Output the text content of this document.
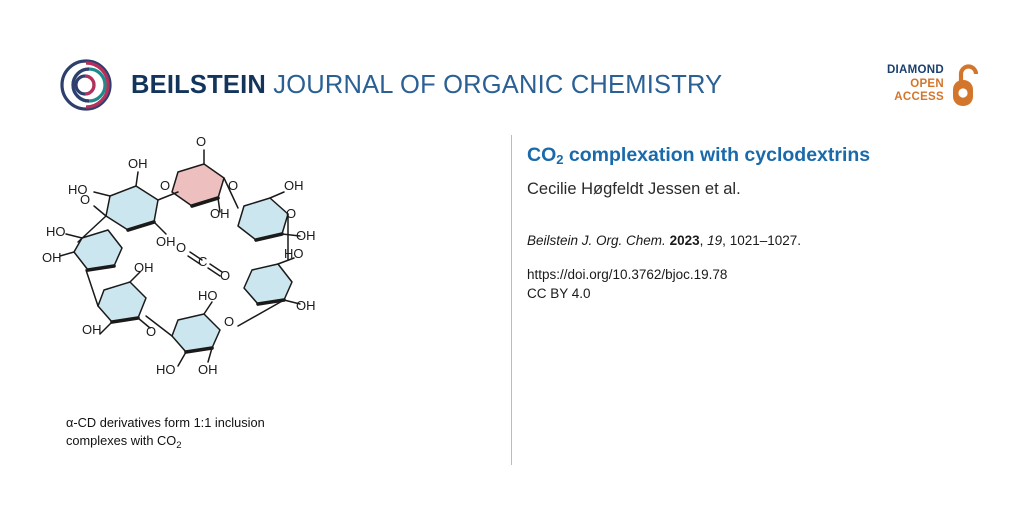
BEILSTEIN JOURNAL OF ORGANIC CHEMISTRY
DIAMOND
OPEN
ACCESS
OH
HO
OH
O
OH
OH
OH
HO
OH
HO
OH
HO
OH
OH	O
HO
OH
O
O	O
O
O
O
C
O
α-CD derivatives form 1:1 inclusion
complexes with $CO_2$
$CO_2$ complexation with cyclodextrins
Cecilie Høgfeldt Jessen et al.
Beilstein J. Org. Chem. 2023, 19, 1021–1027.
https://doi.org/10.3762/bjoc.19.78
CC BY 4.0
